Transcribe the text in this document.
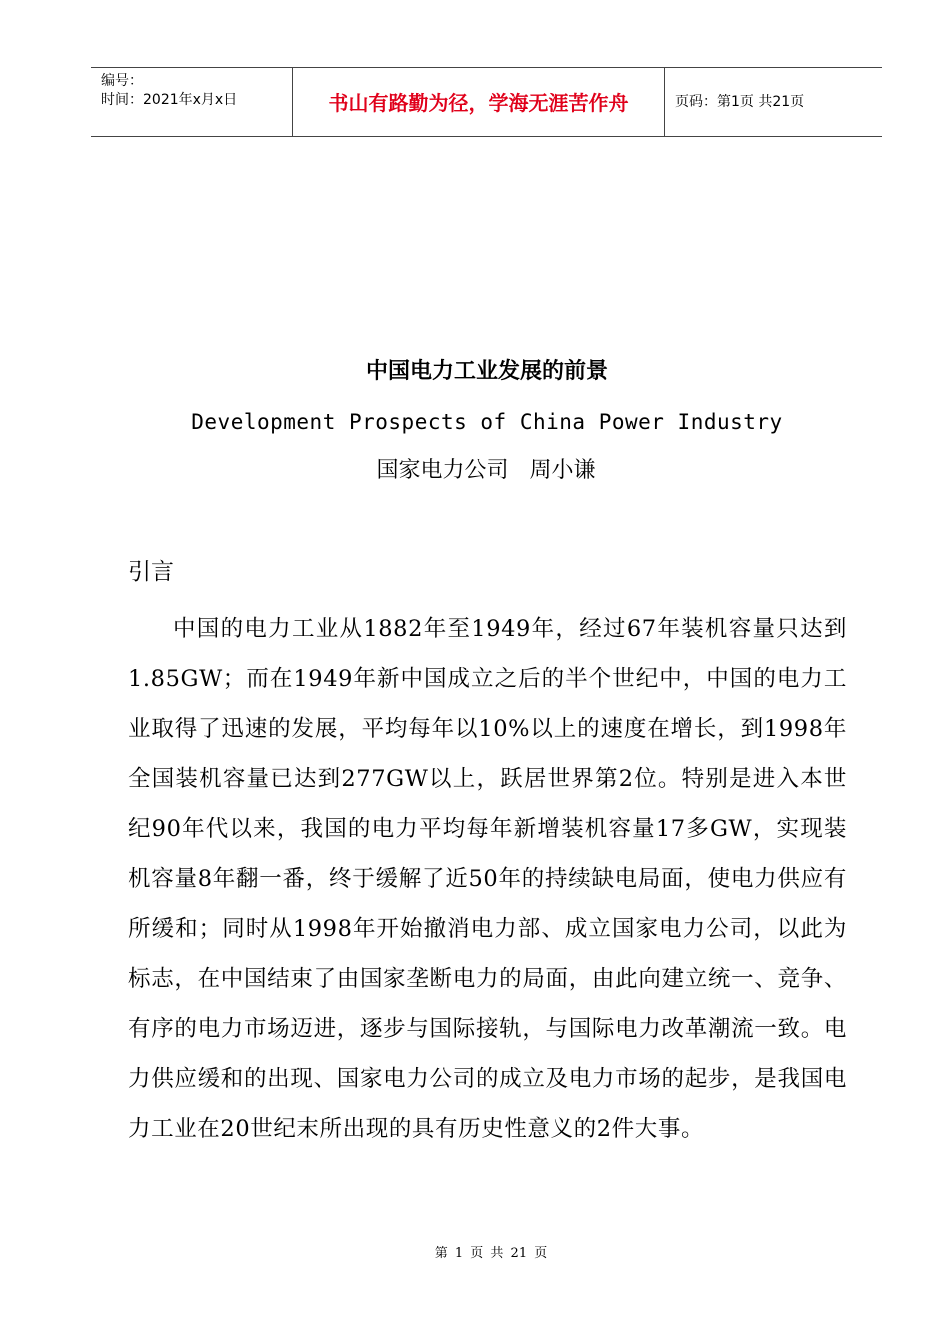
编号：
时间：2021年x月x日	书山有路勤为径，学海无涯苦作舟	页码：第1页 共21页
中国电力工业发展的前景
Development Prospects of China Power Industry
国家电力公司   周小谦
引言
中国的电力工业从1882年至1949年，经过67年装机容量只达到1.85GW；而在1949年新中国成立之后的半个世纪中，中国的电力工业取得了迅速的发展，平均每年以10%以上的速度在增长，到1998年全国装机容量已达到277GW以上，跃居世界第2位。特别是进入本世纪90年代以来，我国的电力平均每年新增装机容量17多GW，实现装机容量8年翻一番，终于缓解了近50年的持续缺电局面，使电力供应有所缓和；同时从1998年开始撤消电力部、成立国家电力公司，以此为标志，在中国结束了由国家垄断电力的局面，由此向建立统一、竞争、有序的电力市场迈进，逐步与国际接轨，与国际电力改革潮流一致。电力供应缓和的出现、国家电力公司的成立及电力市场的起步，是我国电力工业在20世纪末所出现的具有历史性意义的2件大事。
第 1 页 共 21 页
